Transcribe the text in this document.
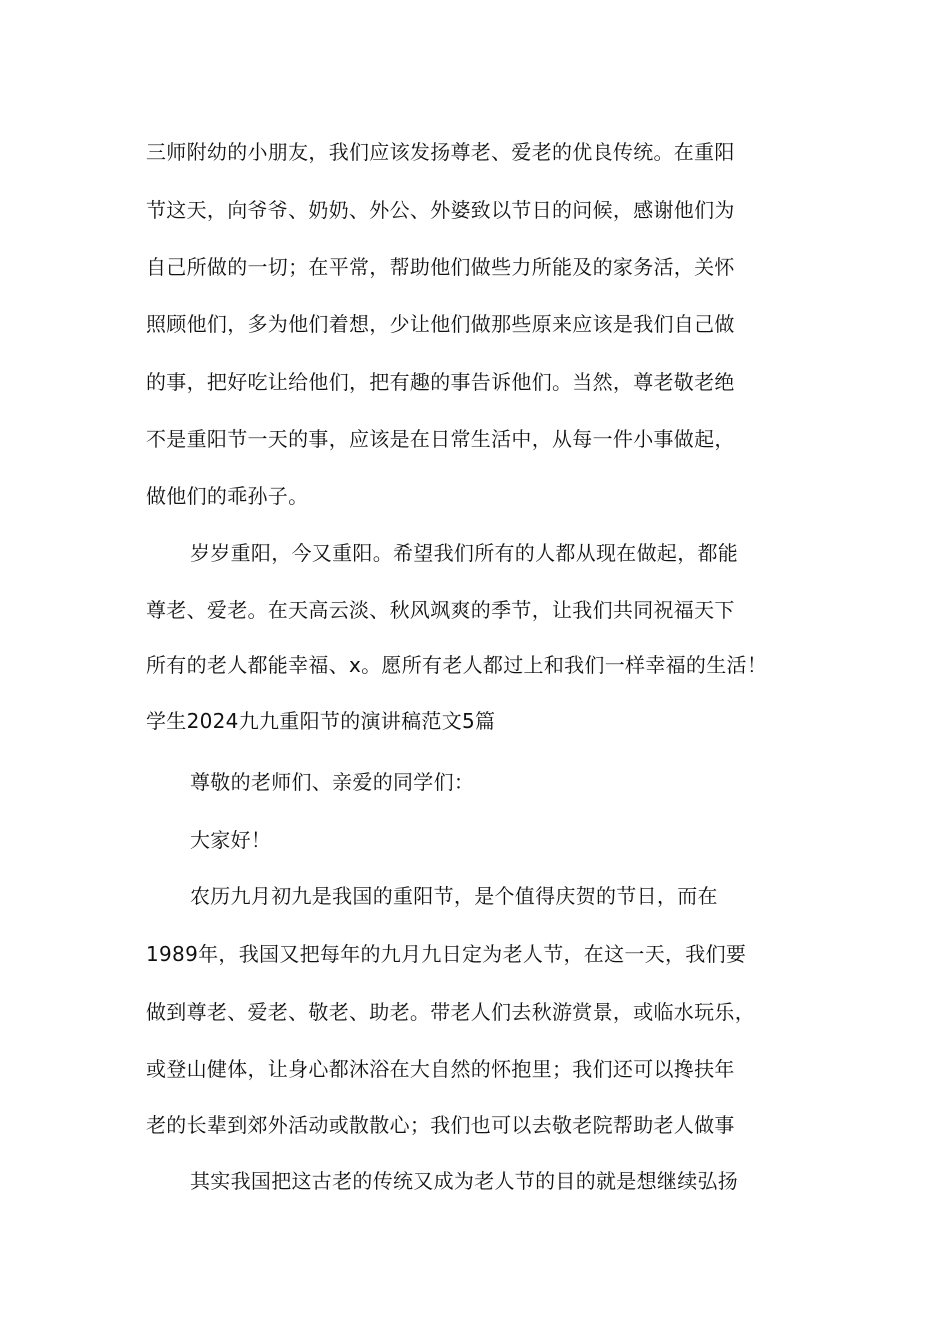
三师附幼的小朋友，我们应该发扬尊老、爱老的优良传统。在重阳
节这天，向爷爷、奶奶、外公、外婆致以节日的问候，感谢他们为
自己所做的一切；在平常，帮助他们做些力所能及的家务活，关怀
照顾他们，多为他们着想，少让他们做那些原来应该是我们自己做
的事，把好吃让给他们，把有趣的事告诉他们。当然，尊老敬老绝
不是重阳节一天的事，应该是在日常生活中，从每一件小事做起，
做他们的乖孙子。
岁岁重阳，今又重阳。希望我们所有的人都从现在做起，都能
尊老、爱老。在天高云淡、秋风飒爽的季节，让我们共同祝福天下
所有的老人都能幸福、x。愿所有老人都过上和我们一样幸福的生活！
学生2024九九重阳节的演讲稿范文5篇
尊敬的老师们、亲爱的同学们：
大家好！
农历九月初九是我国的重阳节，是个值得庆贺的节日，而在
1989年，我国又把每年的九月九日定为老人节，在这一天，我们要
做到尊老、爱老、敬老、助老。带老人们去秋游赏景，或临水玩乐，
或登山健体，让身心都沐浴在大自然的怀抱里；我们还可以搀扶年
老的长辈到郊外活动或散散心；我们也可以去敬老院帮助老人做事
其实我国把这古老的传统又成为老人节的目的就是想继续弘扬
